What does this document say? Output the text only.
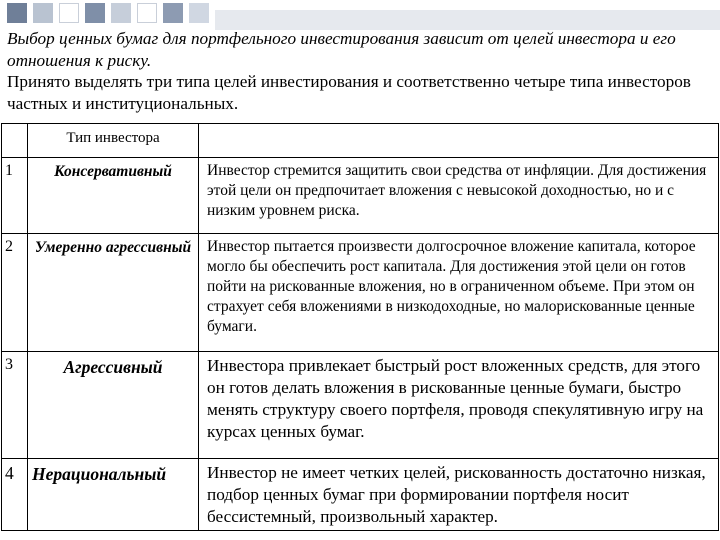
Выбор ценных бумаг для портфельного инвестирования зависит от целей инвестора и его отношения к риску.
Принято выделять три типа целей инвестирования и соответственно четыре типа инвесторов частных и институциональных.
	Тип инвестора	
1	Консервативный	Инвестор стремится защитить свои средства от инфляции. Для достижения этой цели он предпочитает вложения с невысокой доходностью, но и с низким уровнем риска.
2	Умеренно агрессивный	Инвестор пытается произвести долгосрочное вложение капитала, которое могло бы обеспечить рост капитала. Для достижения этой цели он готов пойти на рискованные вложения, но в ограниченном объеме. При этом он страхует себя вложениями в низкодоходные, но малорискованные ценные бумаги.
3	Агрессивный	Инвестора привлекает быстрый рост вложенных средств, для этого он готов делать вложения в рискованные ценные бумаги, быстро менять структуру своего портфеля, проводя спекулятивную игру на курсах ценных бумаг.
4	Нерациональный	Инвестор не имеет четких целей, рискованность достаточно низкая, подбор ценных бумаг при формировании портфеля носит бессистемный, произвольный характер.
